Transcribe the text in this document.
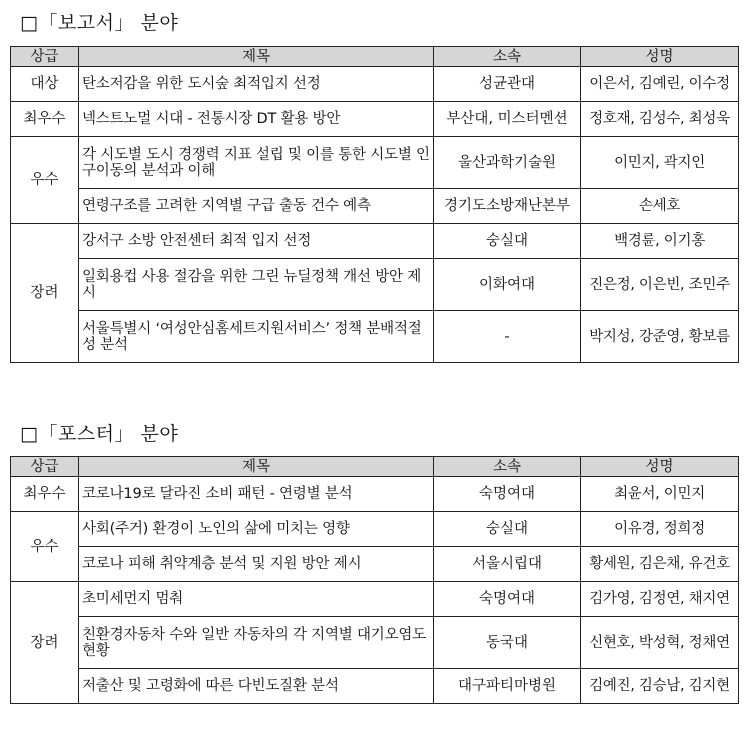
□「보고서」 분야
상급	제목	소속	성명
대상	탄소저감을 위한 도시숲 최적입지 선정	성균관대	이은서, 김예린, 이수정
최우수	넥스트노멀 시대 - 전통시장 DT 활용 방안	부산대, 미스터멘션	정호재, 김성수, 최성욱
우수	각 시도별 도시 경쟁력 지표 설립 및 이를 통한 시도별 인구이동의 분석과 이해	울산과학기술원	이민지, 곽지인
	연령구조를 고려한 지역별 구급 출동 건수 예측	경기도소방재난본부	손세호
장려	강서구 소방 안전센터 최적 입지 선정	숭실대	백경륜, 이기홍
	일회용컵 사용 절감을 위한 그린 뉴딜정책 개선 방안 제시	이화여대	진은정, 이은빈, 조민주
	서울특별시 ‘여성안심홈세트지원서비스’ 정책 분배적절성 분석	-	박지성, 강준영, 황보름
□「포스터」 분야
상급	제목	소속	성명
최우수	코로나19로 달라진 소비 패턴 - 연령별 분석	숙명여대	최윤서, 이민지
우수	사회(주거) 환경이 노인의 삶에 미치는 영향	숭실대	이유경, 정희정
	코로나 피해 취약계층 분석 및 지원 방안 제시	서울시립대	황세원, 김은채, 유건호
장려	초미세먼지 멈춰	숙명여대	김가영, 김정연, 채지연
	친환경자동차 수와 일반 자동차의 각 지역별 대기오염도 현황	동국대	신현호, 박성혁, 정채연
	저출산 및 고령화에 따른 다빈도질환 분석	대구파티마병원	김예진, 김승남, 김지현
